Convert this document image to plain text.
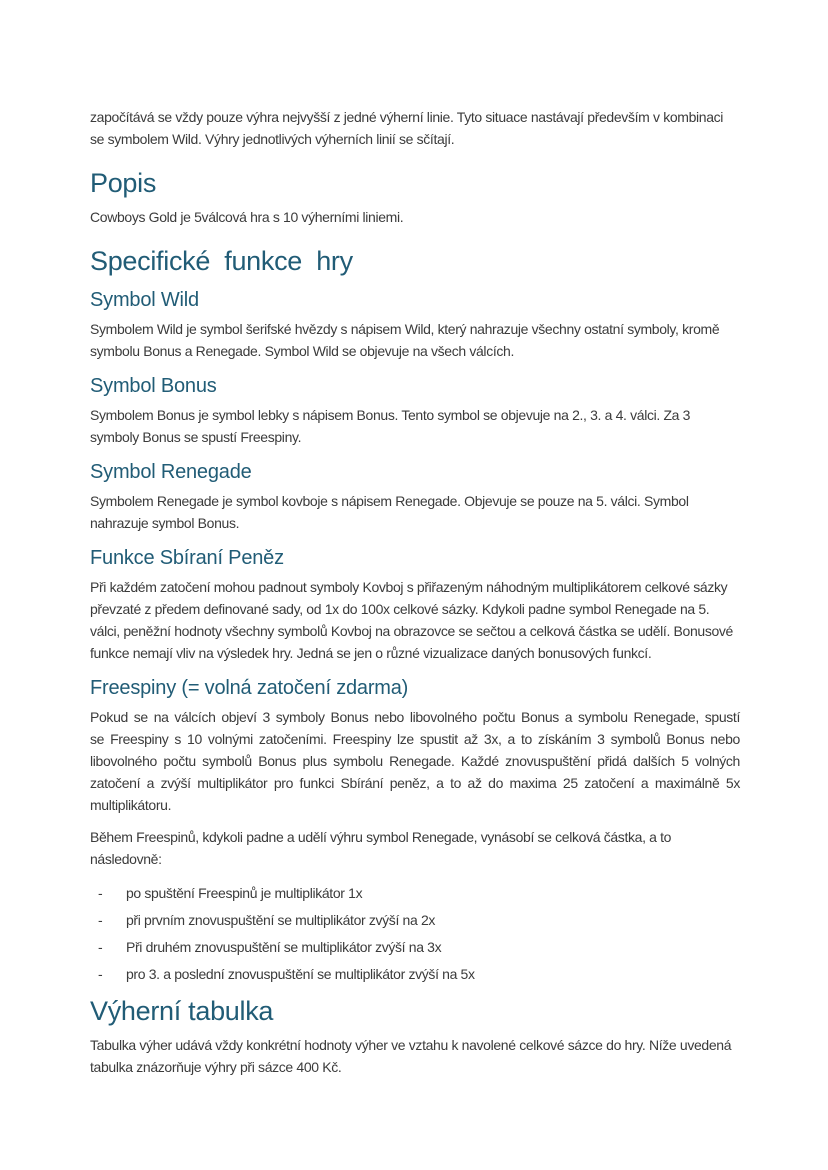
započítává se vždy pouze výhra nejvyšší z jedné výherní linie. Tyto situace nastávají především v kombinaci se symbolem Wild. Výhry jednotlivých výherních linií se sčítají.

Popis

Cowboys Gold je 5válcová hra s 10 výherními liniemi.

Specifické funkce hry
Symbol Wild

Symbolem Wild je symbol šerifské hvězdy s nápisem Wild, který nahrazuje všechny ostatní symboly, kromě symbolu Bonus a Renegade. Symbol Wild se objevuje na všech válcích.

Symbol Bonus

Symbolem Bonus je symbol lebky s nápisem Bonus. Tento symbol se objevuje na 2., 3. a 4. válci. Za 3 symboly Bonus se spustí Freespiny.

Symbol Renegade

Symbolem Renegade je symbol kovboje s nápisem Renegade. Objevuje se pouze na 5. válci. Symbol nahrazuje symbol Bonus.

Funkce Sbíraní Peněz

Při každém zatočení mohou padnout symboly Kovboj s přiřazeným náhodným multiplikátorem celkové sázky převzaté z předem definované sady, od 1x do 100x celkové sázky. Kdykoli padne symbol Renegade na 5. válci, peněžní hodnoty všechny symbolů Kovboj na obrazovce se sečtou a celková částka se udělí. Bonusové funkce nemají vliv na výsledek hry. Jedná se jen o různé vizualizace daných bonusových funkcí.

Freespiny (= volná zatočení zdarma)

Pokud se na válcích objeví 3 symboly Bonus nebo libovolného počtu Bonus a symbolu Renegade, spustí se Freespiny s 10 volnými zatočeními. Freespiny lze spustit až 3x, a to získáním 3 symbolů Bonus nebo libovolného počtu symbolů Bonus plus symbolu Renegade. Každé znovuspuštění přidá dalších 5 volných zatočení a zvýší multiplikátor pro funkci Sbírání peněz, a to až do maxima 25 zatočení a maximálně 5x multiplikátoru.

Během Freespinů, kdykoli padne a udělí výhru symbol Renegade, vynásobí se celková částka, a to následovně:

-	po spuštění Freespinů je multiplikátor 1x
-	při prvním znovuspuštění se multiplikátor zvýší na 2x
-	Při druhém znovuspuštění se multiplikátor zvýší na 3x
-	pro 3. a poslední znovuspuštění se multiplikátor zvýší na 5x
Výherní tabulka

Tabulka výher udává vždy konkrétní hodnoty výher ve vztahu k navolené celkové sázce do hry. Níže uvedená tabulka znázorňuje výhry při sázce 400 Kč.
